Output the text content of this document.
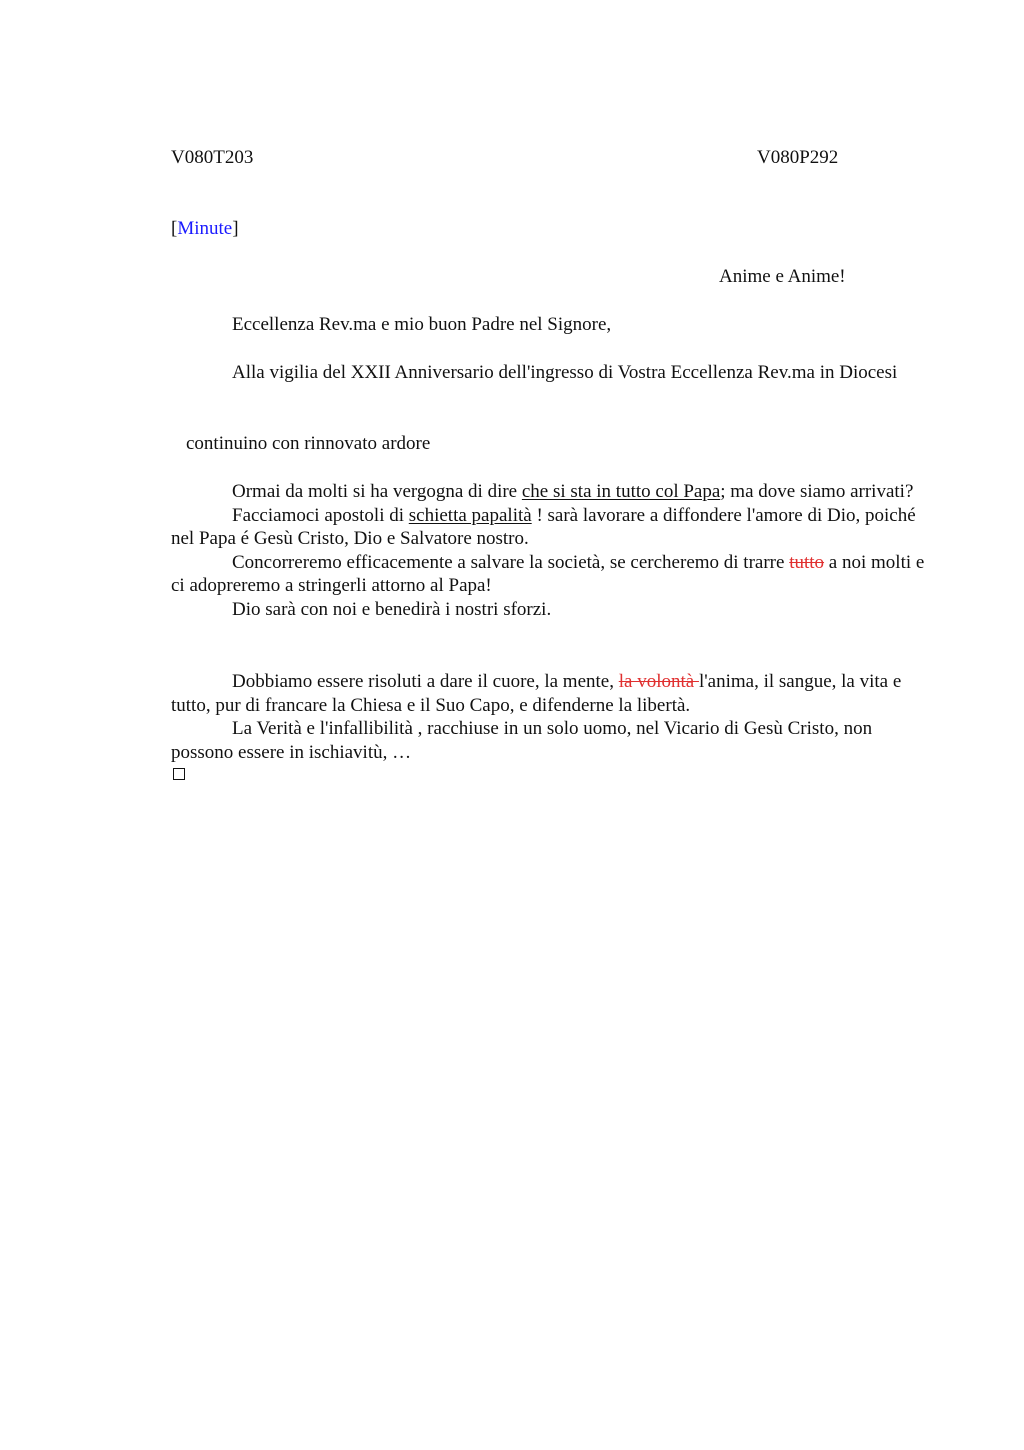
V080T203	V080P292
[Minute]
Anime e Anime!
Eccellenza Rev.ma e mio buon Padre nel Signore,

Alla vigilia del XXII Anniversario dell'ingresso di Vostra Eccellenza Rev.ma in Diocesi

continuino con rinnovato ardore

Ormai da molti si ha vergogna di dire che si sta in tutto col Papa; ma dove siamo arrivati?

Facciamoci apostoli di schietta papalità ! sarà lavorare a diffondere l'amore di Dio, poiché nel Papa é Gesù Cristo, Dio e Salvatore nostro.

Concorreremo efficacemente a salvare la società, se cercheremo di trarre tutto a noi molti e ci adopreremo a stringerli attorno al Papa!

Dio sarà con noi e benedirà i nostri sforzi.

Dobbiamo essere risoluti a dare il cuore, la mente, la volontà l'anima, il sangue, la vita e tutto, pur di francare la Chiesa e il Suo Capo, e difenderne la libertà.

La Verità e l'infallibilità , racchiuse in un solo uomo, nel Vicario di Gesù Cristo, non possono essere in ischiavitù, …
